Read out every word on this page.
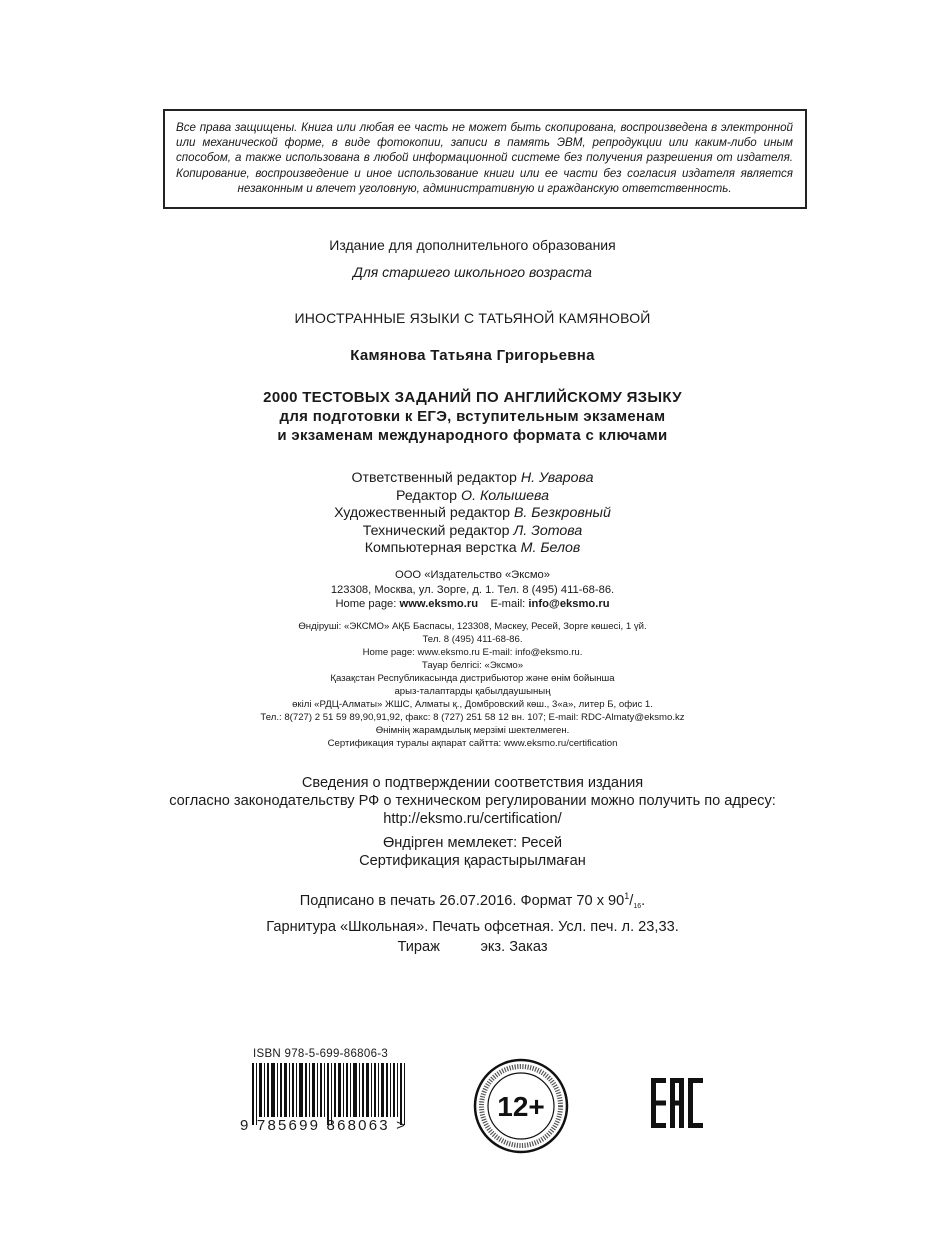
Все права защищены. Книга или любая ее часть не может быть скопирована, воспроизведена в электронной или механической форме, в виде фотокопии, записи в память ЭВМ, репродукции или каким-либо иным способом, а также использована в любой информационной системе без получения разрешения от издателя. Копирование, воспроизведение и иное использование книги или ее части без согласия издателя является незаконным и влечет уголовную, административную и гражданскую ответственность.
Издание для дополнительного образования
Для старшего школьного возраста
ИНОСТРАННЫЕ ЯЗЫКИ С ТАТЬЯНОЙ КАМЯНОВОЙ
Камянова Татьяна Григорьевна
2000 ТЕСТОВЫХ ЗАДАНИЙ ПО АНГЛИЙСКОМУ ЯЗЫКУ
для подготовки к ЕГЭ, вступительным экзаменам
и экзаменам международного формата с ключами
Ответственный редактор Н. Уварова
Редактор О. Колышева
Художественный редактор В. Безкровный
Технический редактор Л. Зотова
Компьютерная верстка М. Белов
ООО «Издательство «Эксмо»
123308, Москва, ул. Зорге, д. 1. Тел. 8 (495) 411-68-86.
Home page: www.eksmo.ru E-mail: info@eksmo.ru
Өндіруші: «ЭКСМО» АҚБ Баспасы, 123308, Мәскеу, Ресей, Зорге көшесі, 1 үй.
Тел. 8 (495) 411-68-86.
Home page: www.eksmo.ru E-mail: info@eksmo.ru.
Тауар белгісі: «Эксмо»
Қазақстан Республикасында дистрибьютор және өнім бойынша
арыз-талаптарды қабылдаушының
өкілі «РДЦ-Алматы» ЖШС, Алматы қ., Домбровский көш., 3«а», литер Б, офис 1.
Тел.: 8(727) 2 51 59 89,90,91,92, факс: 8 (727) 251 58 12 вн. 107; E-mail: RDC-Almaty@eksmo.kz
Өнімнің жарамдылық мерзімі шектелмеген.
Сертификация туралы ақпарат сайтта: www.eksmo.ru/certification
Сведения о подтверждении соответствия издания
согласно законодательству РФ о техническом регулировании можно получить по адресу:
http://eksmo.ru/certification/
Өндірген мемлекет: Ресей
Сертификация қарастырылмаған
Подписано в печать 26.07.2016. Формат 70 x $90^1/_{16}$.
Гарнитура «Школьная». Печать офсетная. Усл. печ. л. 23,33.
Тираж	экз. Заказ
ISBN 978-5-699-86806-3
9 785699 868063 >
12+
